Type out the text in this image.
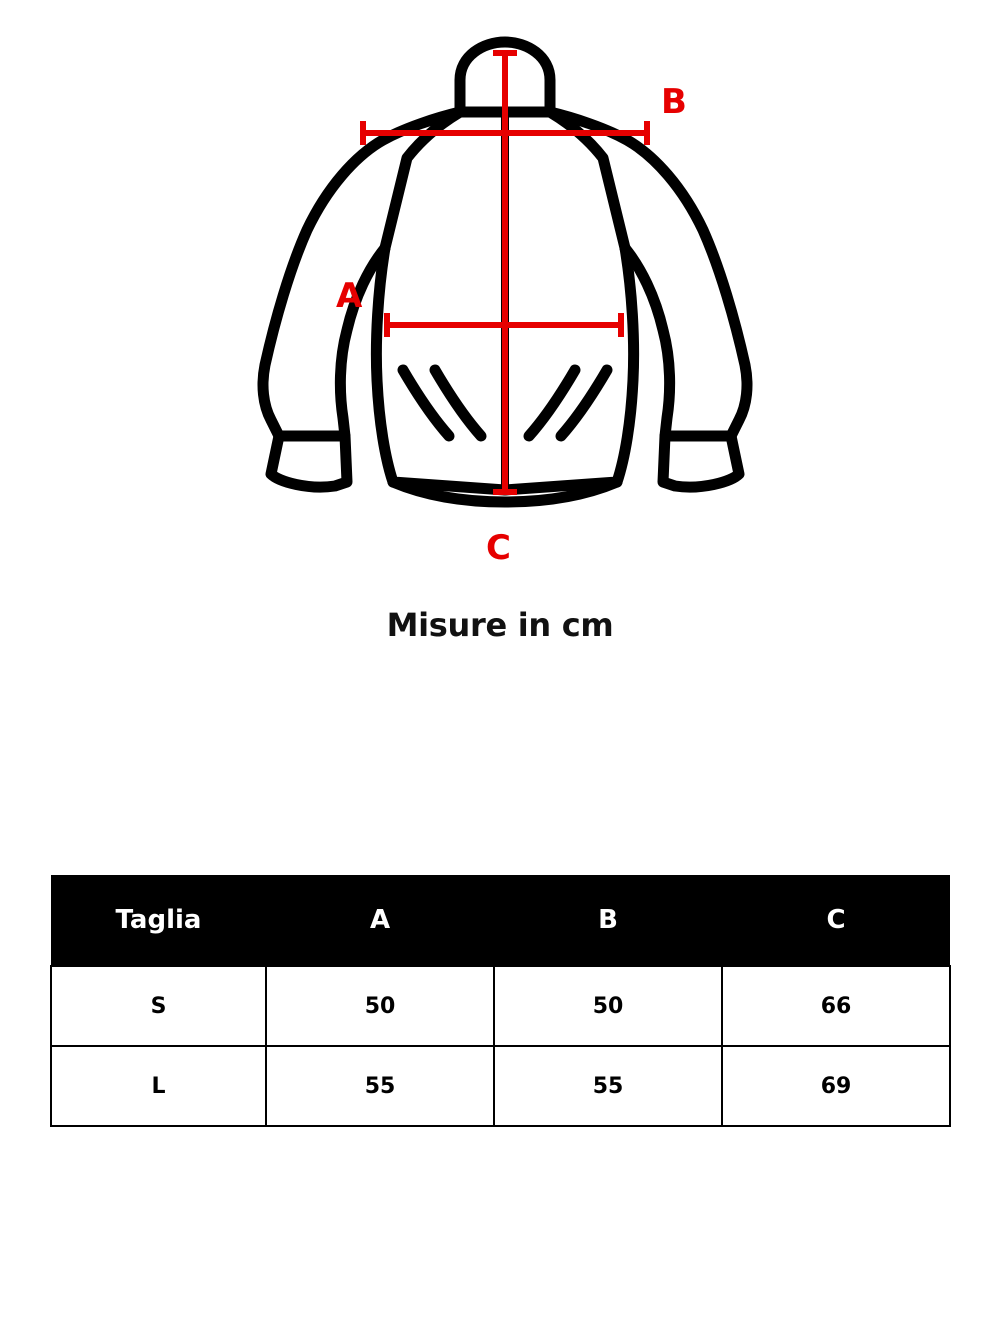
A
B
C
Misure in cm
Taglia	A	B	C
S	50	50	66
L	55	55	69
